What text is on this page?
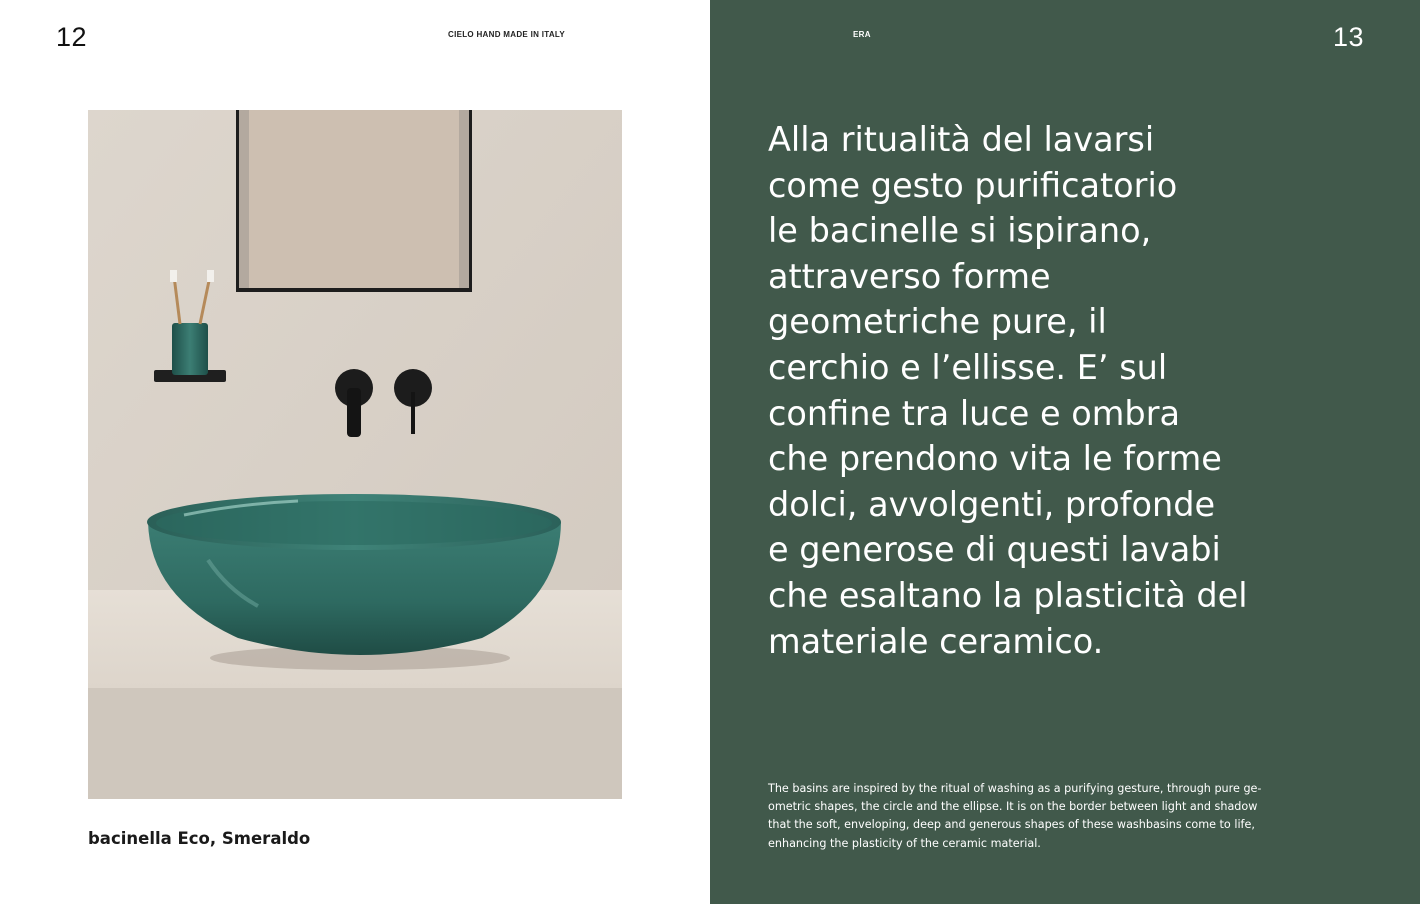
12	CIELO HAND MADE IN ITALY
bacinella Eco, Smeraldo
ERA	13

Alla ritualità del lavarsi
come gesto purificatorio
le bacinelle si ispirano,
attraverso forme
geometriche pure, il
cerchio e l’ellisse. E’ sul
confine tra luce e ombra
che prendono vita le forme
dolci, avvolgenti, profonde
e generose di questi lavabi
che esaltano la plasticità del
materiale ceramico.

The basins are inspired by the ritual of washing as a purifying gesture, through pure ge-
ometric shapes, the circle and the ellipse. It is on the border between light and shadow
that the soft, enveloping, deep and generous shapes of these washbasins come to life,
enhancing the plasticity of the ceramic material.
